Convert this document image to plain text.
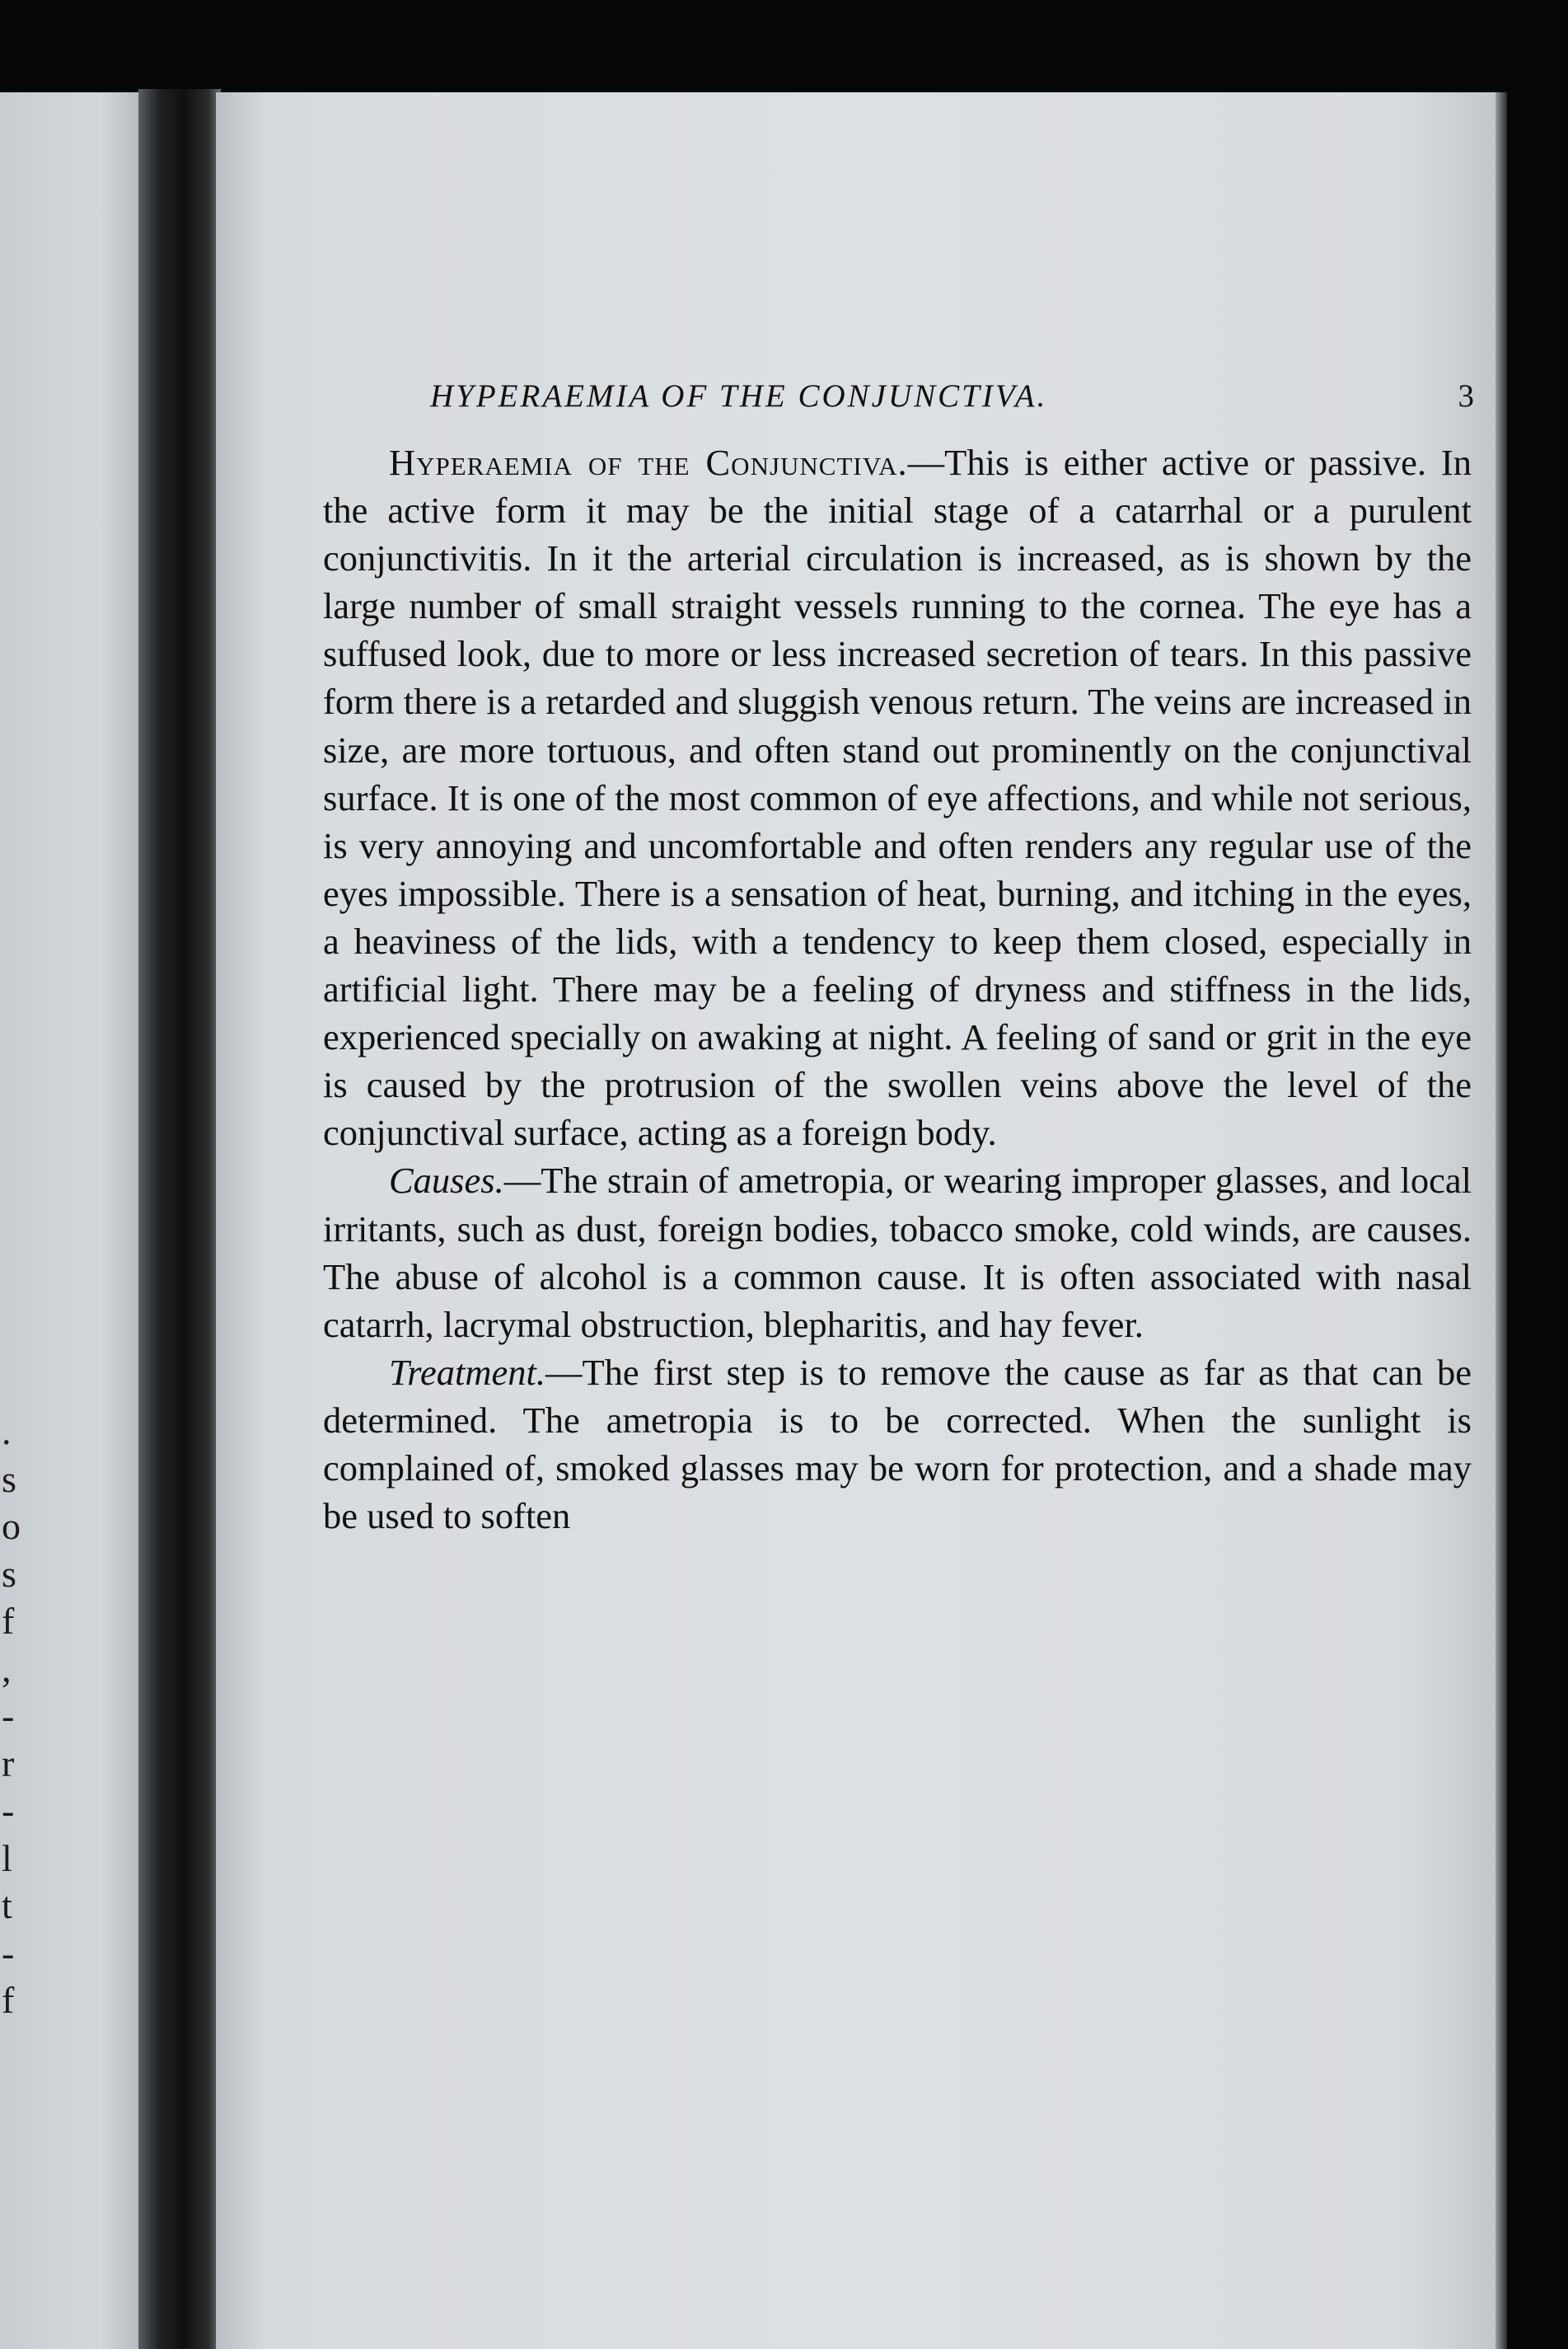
.
s
o
s
f
,
-
r
-
l
t
-
f
HYPERAEMIA OF THE CONJUNCTIVA.	3

Hyperaemia of the Conjunctiva.—This is either active or passive. In the active form it may be the initial stage of a catarrhal or a purulent conjunctivitis. In it the arterial circulation is increased, as is shown by the large number of small straight vessels running to the cornea. The eye has a suffused look, due to more or less increased secretion of tears. In this passive form there is a retarded and sluggish venous return. The veins are increased in size, are more tortuous, and often stand out prominently on the conjunctival surface. It is one of the most common of eye affections, and while not serious, is very annoying and uncomfortable and often renders any regular use of the eyes impossible. There is a sensation of heat, burning, and itching in the eyes, a heaviness of the lids, with a tendency to keep them closed, especially in artificial light. There may be a feeling of dryness and stiffness in the lids, experienced specially on awaking at night. A feeling of sand or grit in the eye is caused by the protrusion of the swollen veins above the level of the conjunctival surface, acting as a foreign body.

Causes.—The strain of ametropia, or wearing improper glasses, and local irritants, such as dust, foreign bodies, tobacco smoke, cold winds, are causes. The abuse of alcohol is a common cause. It is often associated with nasal catarrh, lacrymal obstruction, blepharitis, and hay fever.

Treatment.—The first step is to remove the cause as far as that can be determined. The ametropia is to be corrected. When the sunlight is complained of, smoked glasses may be worn for protection, and a shade may be used to soften
